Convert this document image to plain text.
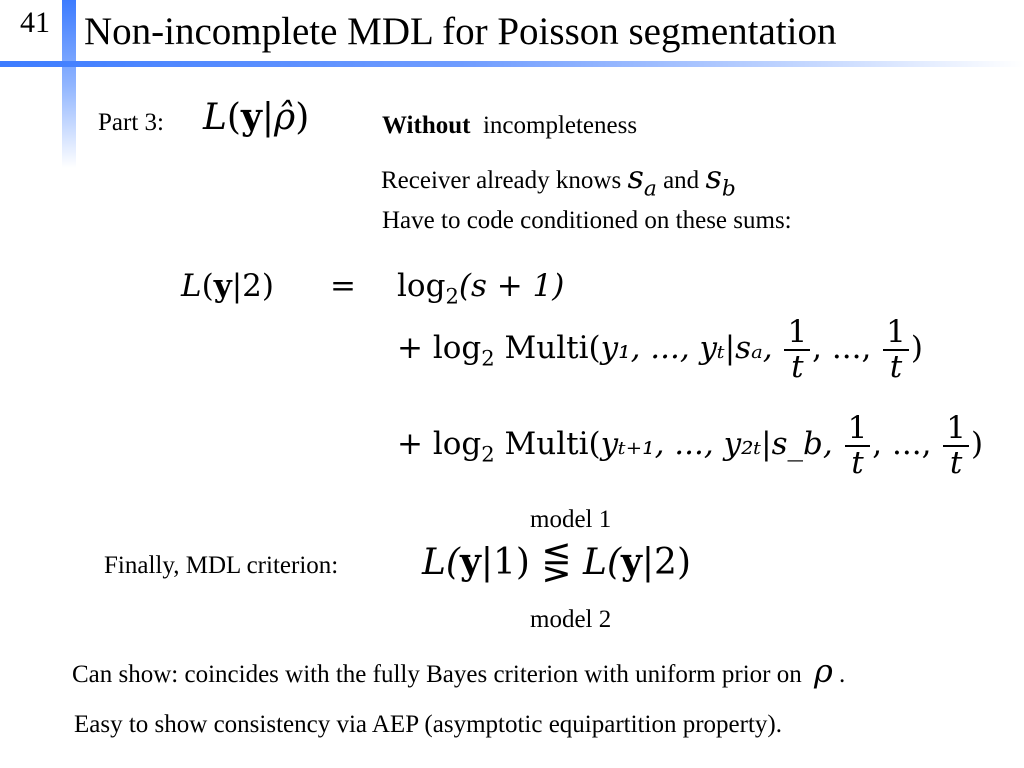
41 Non-incomplete MDL for Poisson segmentation
Part 3: L(y|ρ̂)	Without incompleteness
Receiver already knows $s_a$ and $s_b$
Have to code conditioned on these sums:
$L(y|2) = \log_2(s + 1)$
+ $\log_2$ Multi(y₁, ..., yₜ|sₐ, $\frac{1}{t}$ , ..., $\frac{1}{t}$ )
+ $\log_2$ Multi(yₜ₊₁, ..., y₂ₜ|s_b, $\frac{1}{t}$ , ..., $\frac{1}{t}$ )
model 1
Finally, MDL criterion: L(y|1) ⋚ L(y|2)
model 2
Can show: coincides with the fully Bayes criterion with uniform prior on ρ .
Easy to show consistency via AEP (asymptotic equipartition property).
